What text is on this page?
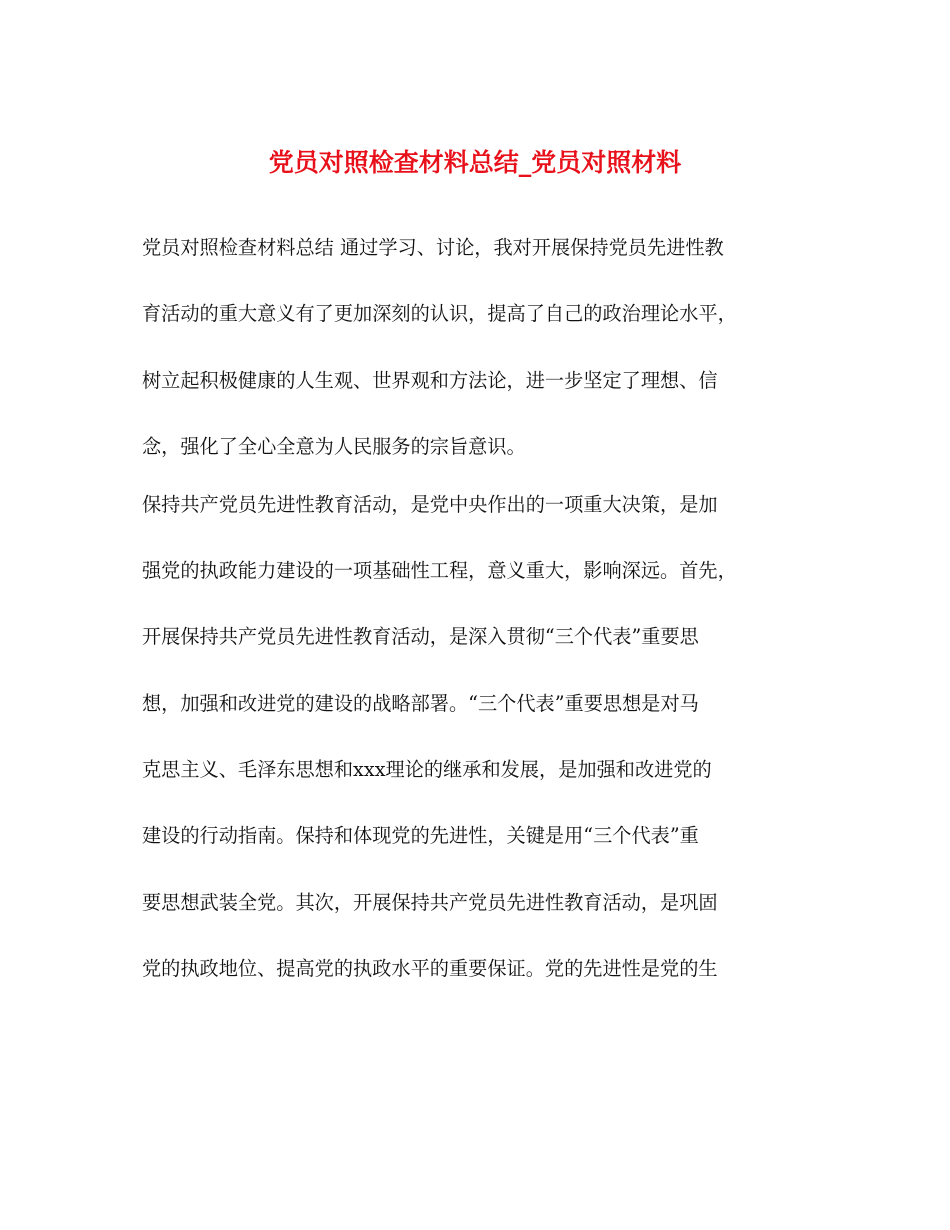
党员对照检查材料总结_党员对照材料
党员对照检查材料总结 通过学习、讨论，我对开展保持党员先进性教
育活动的重大意义有了更加深刻的认识，提高了自己的政治理论水平，
树立起积极健康的人生观、世界观和方法论，进一步坚定了理想、信
念，强化了全心全意为人民服务的宗旨意识。
保持共产党员先进性教育活动，是党中央作出的一项重大决策，是加
强党的执政能力建设的一项基础性工程，意义重大，影响深远。首先，
开展保持共产党员先进性教育活动，是深入贯彻“三个代表”重要思
想，加强和改进党的建设的战略部署。“三个代表”重要思想是对马
克思主义、毛泽东思想和xxx理论的继承和发展，是加强和改进党的
建设的行动指南。保持和体现党的先进性，关键是用“三个代表”重
要思想武装全党。其次，开展保持共产党员先进性教育活动，是巩固
党的执政地位、提高党的执政水平的重要保证。党的先进性是党的生
